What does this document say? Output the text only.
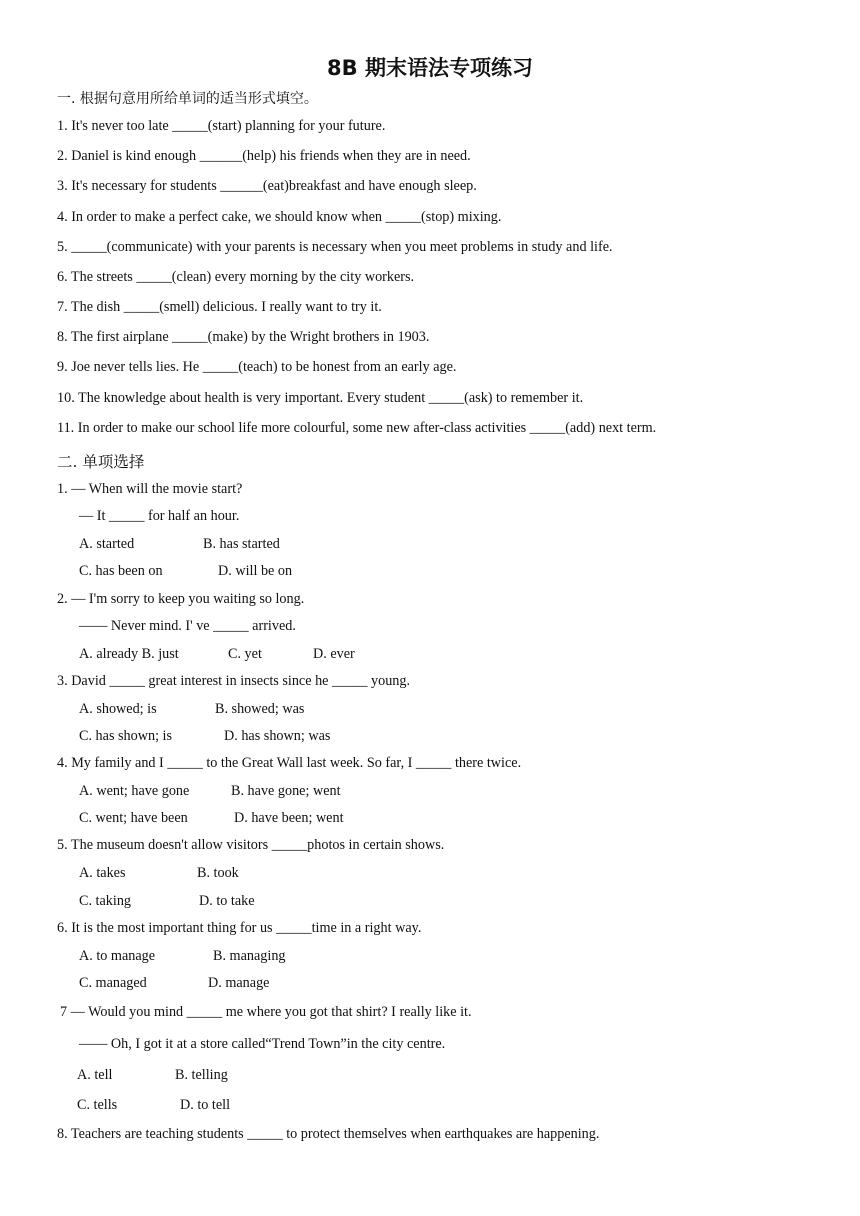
8B 期末语法专项练习
一. 根据句意用所给单词的适当形式填空。
1. It's never too late _____(start) planning for your future.
2. Daniel is kind enough ______(help) his friends when they are in need.
3. It's necessary for students ______(eat)breakfast and have enough sleep.
4. In order to make a perfect cake, we should know when _____(stop) mixing.
5. _____(communicate) with your parents is necessary when you meet problems in study and life.
6. The streets _____(clean) every morning by the city workers.
7. The dish _____(smell) delicious. I really want to try it.
8. The first airplane _____(make) by the Wright brothers in 1903.
9. Joe never tells lies. He _____(teach) to be honest from an early age.
10. The knowledge about health is very important. Every student _____(ask) to remember it.
11. In order to make our school life more colourful, some new after-class activities _____(add) next term.
二. 单项选择
1. — When will the movie start?
— It _____ for half an hour.
A. started	B. has started
C. has been on	D. will be on
2. — I'm sorry to keep you waiting so long.
—— Never mind. I' ve _____ arrived.
A. already B. just	C. yet	D. ever
3. David _____ great interest in insects since he _____ young.
A. showed; is	B. showed; was
C. has shown; is	D. has shown; was
4. My family and I _____ to the Great Wall last week. So far, I _____ there twice.
A. went; have gone	B. have gone; went
C. went; have been	D. have been; went
5. The museum doesn't allow visitors _____photos in certain shows.
A. takes	B. took
C. taking	D. to take
6. It is the most important thing for us _____time in a right way.
A. to manage	B. managing
C. managed	D. manage
7 — Would you mind _____ me where you got that shirt? I really like it.
—— Oh, I got it at a store called“Trend Town”in the city centre.
A. tell	B. telling
C. tells	D. to tell
8. Teachers are teaching students _____ to protect themselves when earthquakes are happening.
